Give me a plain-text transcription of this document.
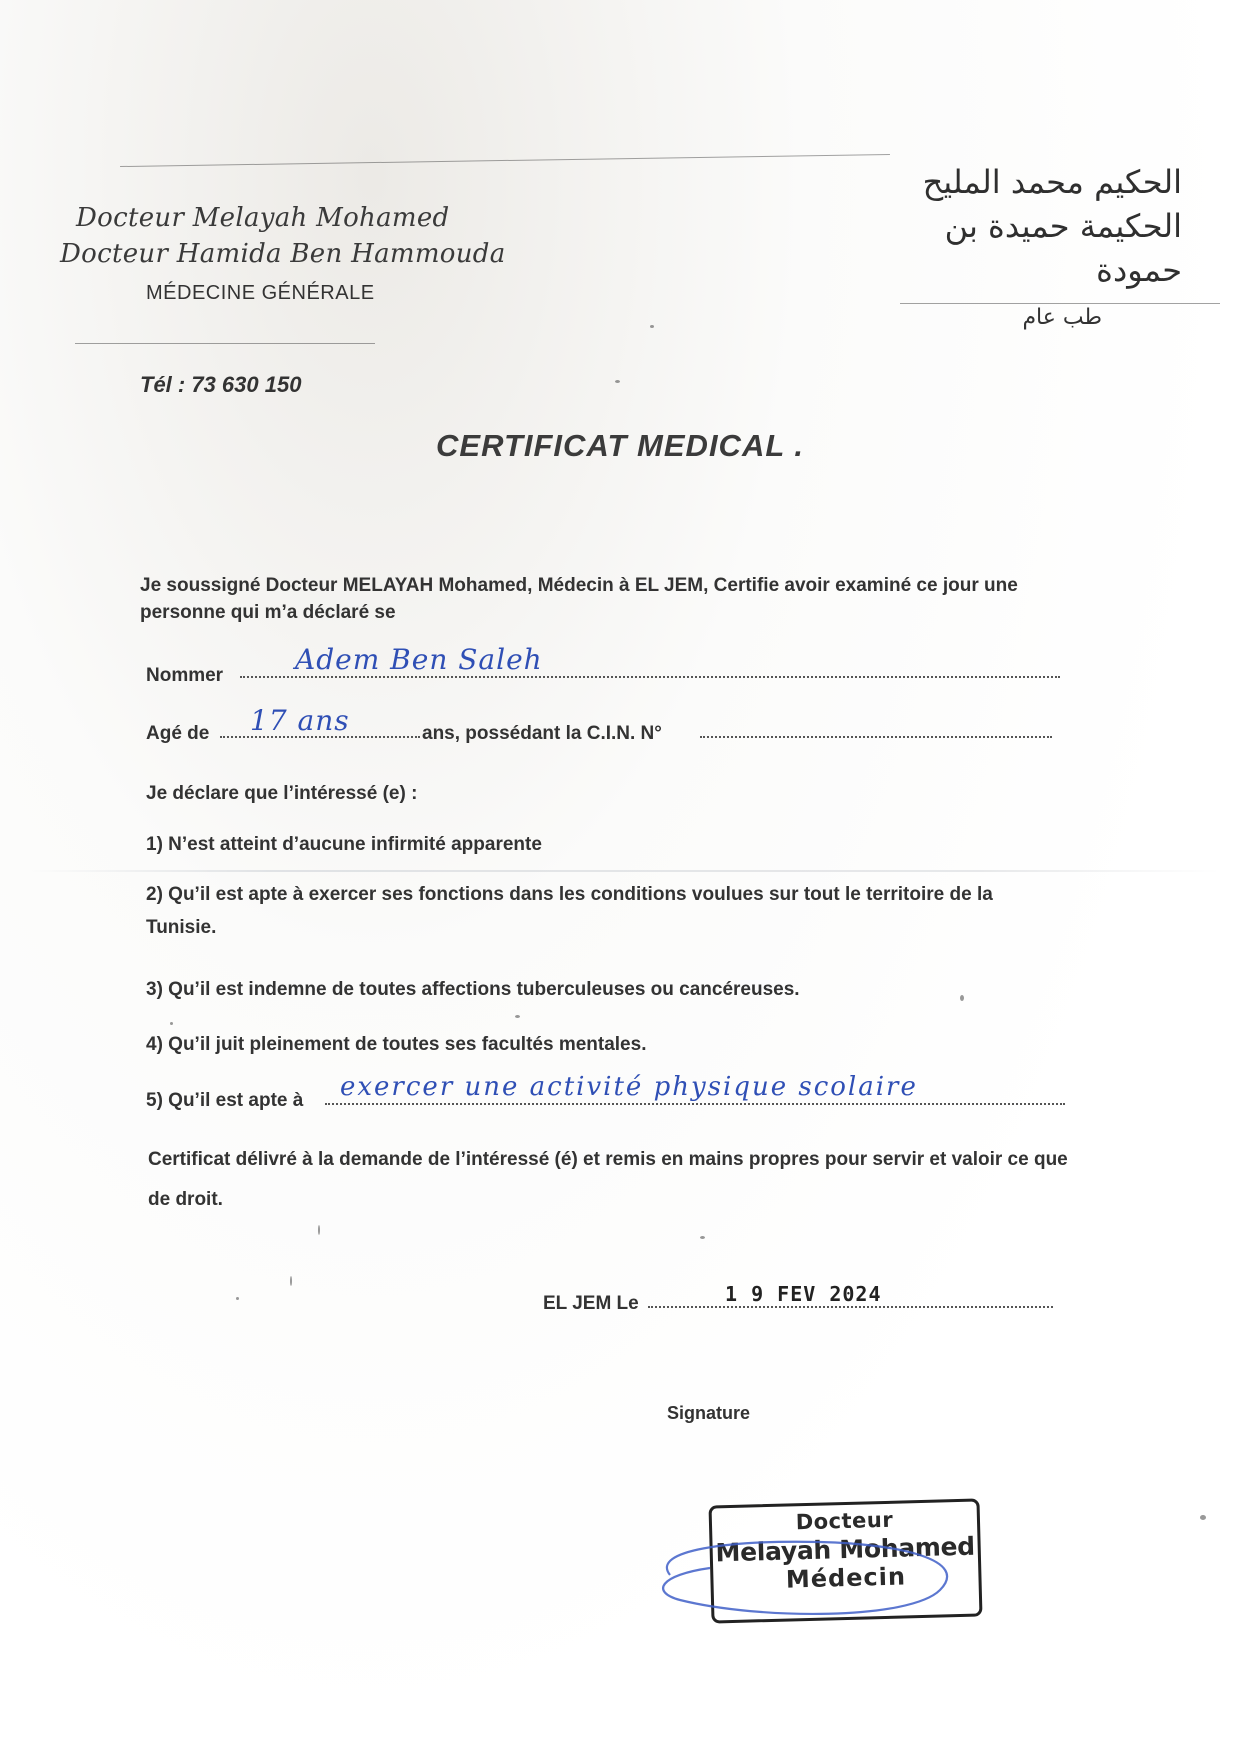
Docteur Melayah Mohamed
Docteur Hamida Ben Hammouda
MÉDECINE GÉNÉRALE
الحكيم محمد المليح
الحكيمة حميدة بن حمودة
طب عام
Tél : 73 630 150
CERTIFICAT MEDICAL .
Je soussigné Docteur MELAYAH Mohamed, Médecin à EL JEM, Certifie avoir examiné ce jour une personne qui m’a déclaré se
Nommer	Adem Ben Saleh
Agé de 17 ans	ans, possédant la C.I.N. N°
Je déclare que l’intéressé (e) :
1) N’est atteint d’aucune infirmité apparente
2) Qu’il est apte à exercer ses fonctions dans les conditions voulues sur tout le territoire de la Tunisie.
3) Qu’il est indemne de toutes affections tuberculeuses ou cancéreuses.
4) Qu’il juit pleinement de toutes ses facultés mentales.
5) Qu’il est apte à exercer une activité physique scolaire
Certificat délivré à la demande de l’intéressé (é) et remis en mains propres pour servir et valoir ce que de droit.
EL JEM Le	1 9 FEV 2024
Signature
Docteur
Melayah Mohamed
Médecin
